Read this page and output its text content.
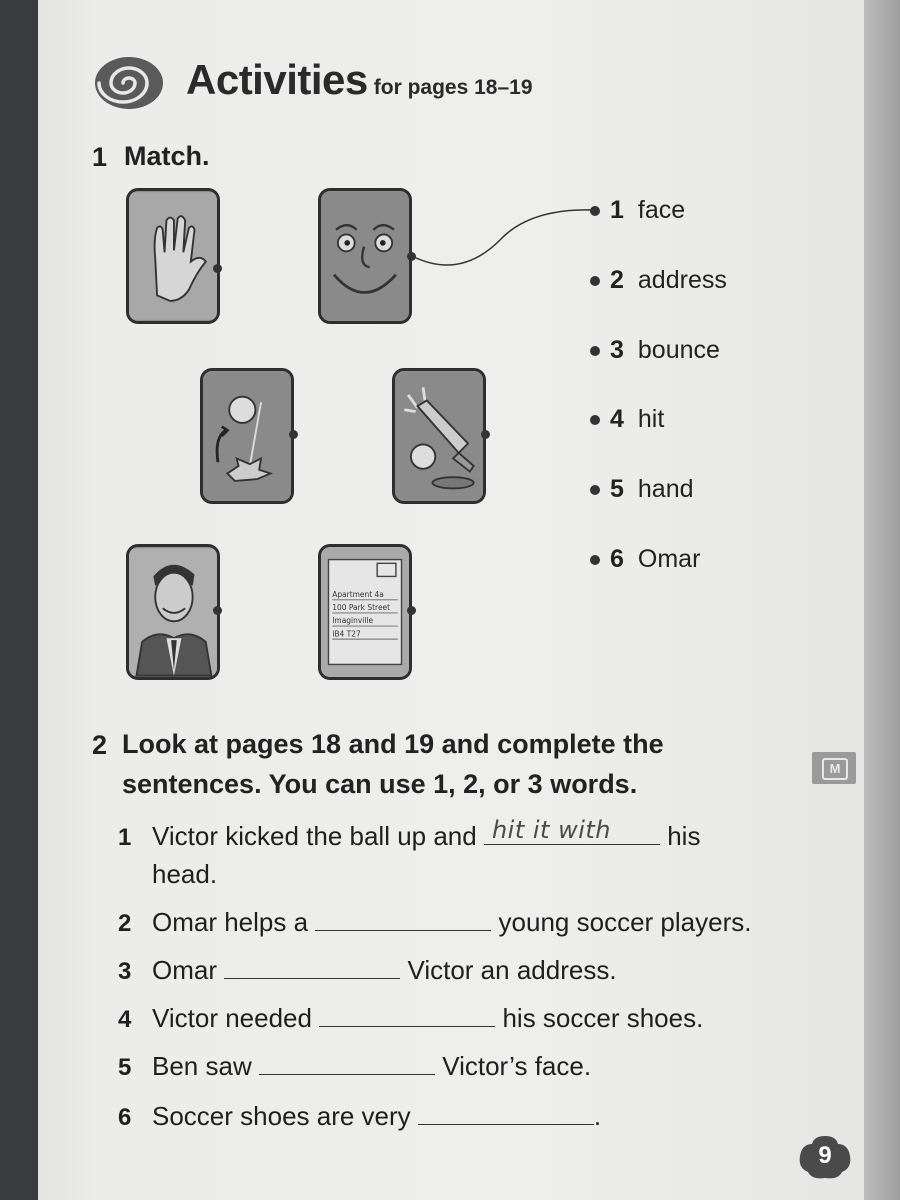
Activities for pages 18–19
1 Match.
Apartment 4a
100 Park Street
Imaginville
IB4 T27
1 face
2 address
3 bounce
4 hit
5 hand
6 Omar
2 Look at pages 18 and 19 and complete the
sentences. You can use 1, 2, or 3 words.
1 Victor kicked the ball up and hit it with his
head.
2 Omar helps a	young soccer players.
3 Omar	Victor an address.
4 Victor needed	his soccer shoes.
5 Ben saw	Victor’s face.
6 Soccer shoes are very	.
M
9
